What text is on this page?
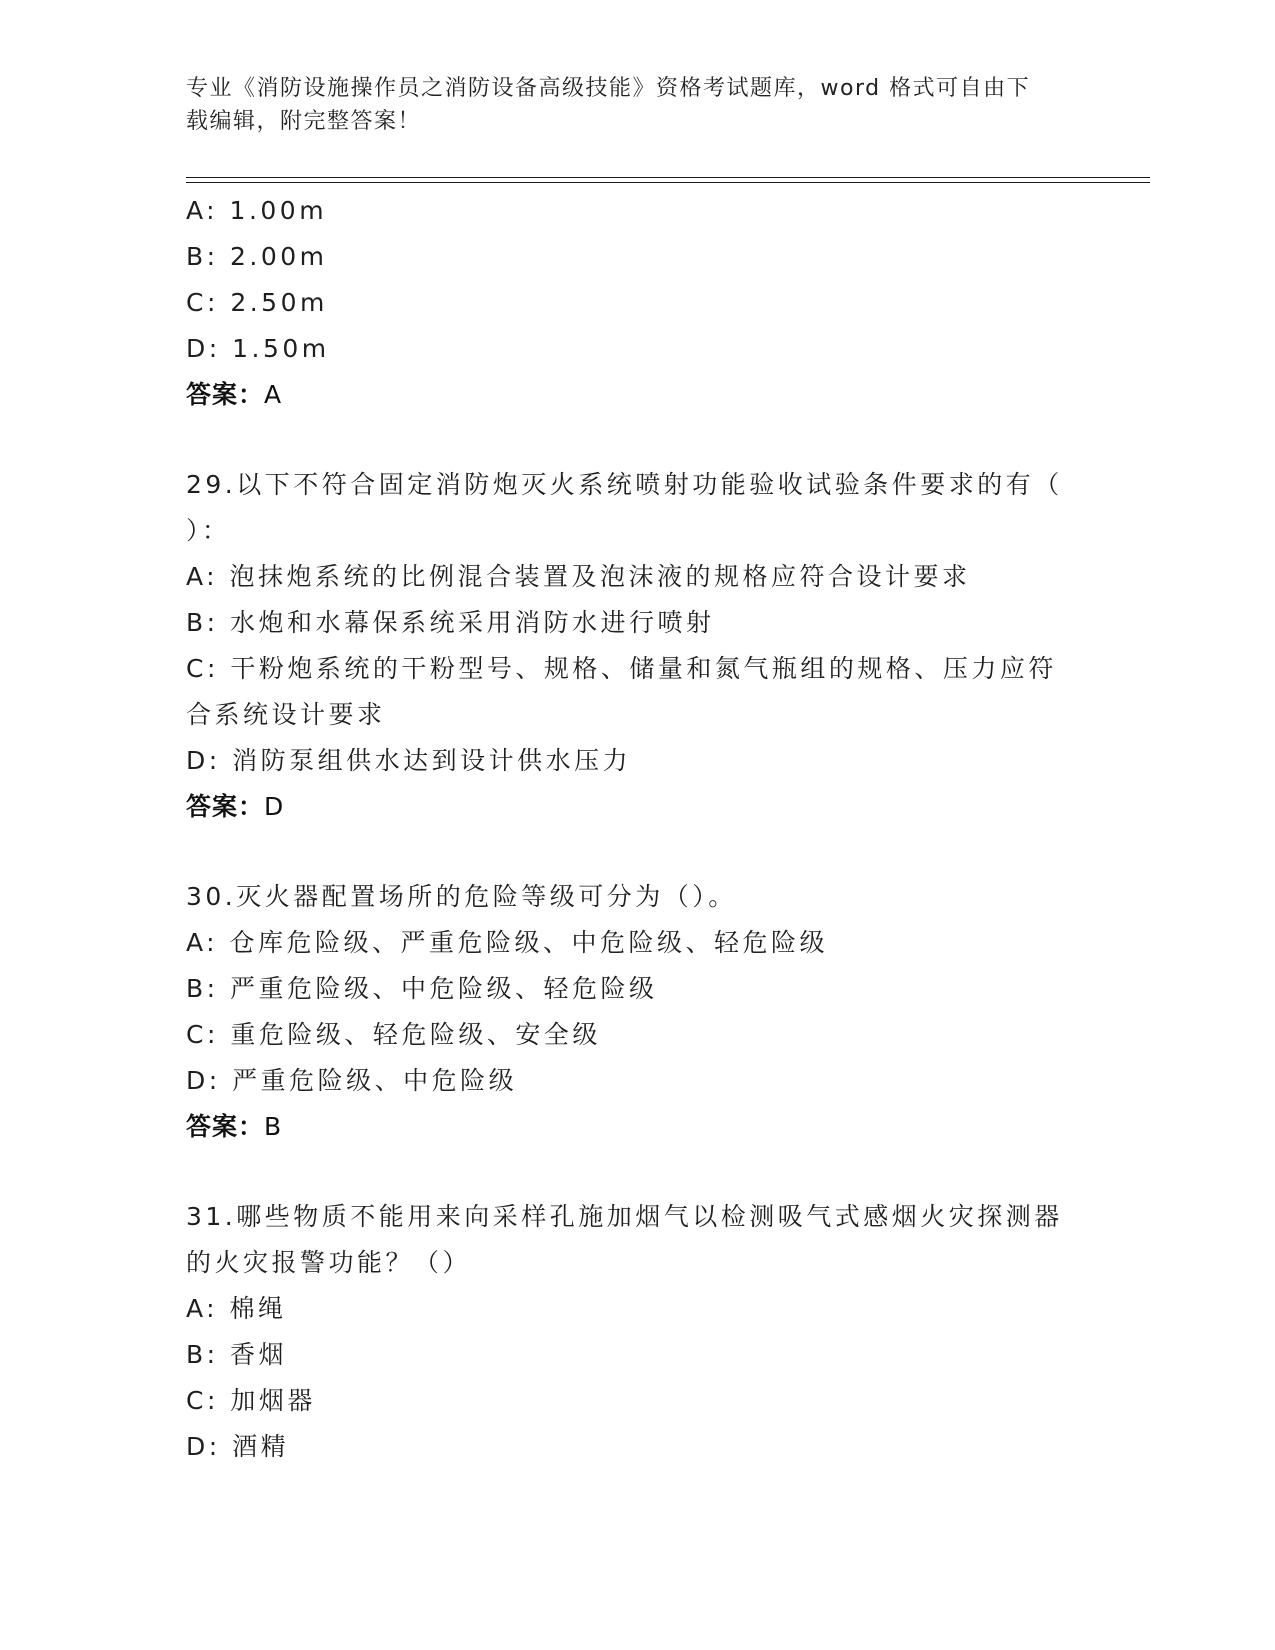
专业《消防设施操作员之消防设备高级技能》资格考试题库，word 格式可自由下
载编辑，附完整答案！
A: 1.00m
B: 2.00m
C: 2.50m
D: 1.50m
答案：A
29.以下不符合固定消防炮灭火系统喷射功能验收试验条件要求的有（
）：
A: 泡抹炮系统的比例混合装置及泡沫液的规格应符合设计要求
B: 水炮和水幕保系统采用消防水进行喷射
C: 干粉炮系统的干粉型号、规格、储量和氮气瓶组的规格、压力应符
合系统设计要求
D: 消防泵组供水达到设计供水压力
答案：D
30.灭火器配置场所的危险等级可分为（）。
A: 仓库危险级、严重危险级、中危险级、轻危险级
B: 严重危险级、中危险级、轻危险级
C: 重危险级、轻危险级、安全级
D: 严重危险级、中危险级
答案：B
31.哪些物质不能用来向采样孔施加烟气以检测吸气式感烟火灾探测器
的火灾报警功能？（）
A: 棉绳
B: 香烟
C: 加烟器
D: 酒精
